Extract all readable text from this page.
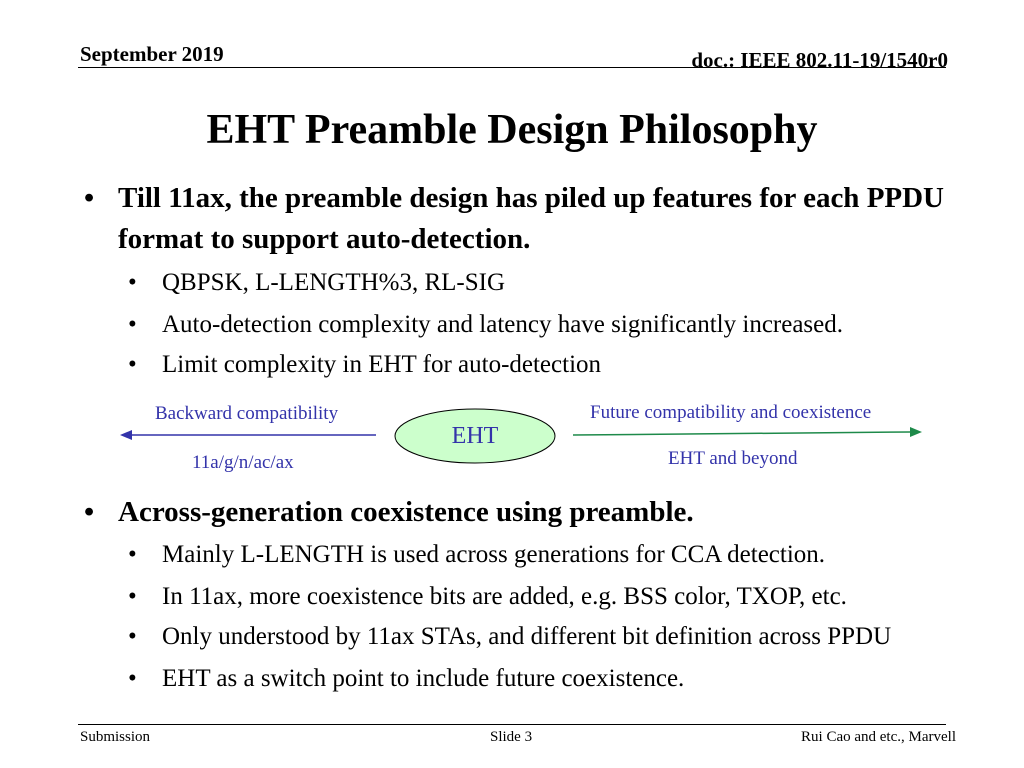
September 2019	doc.: IEEE 802.11-19/1540r0
EHT Preamble Design Philosophy
• Till 11ax, the preamble design has piled up features for each PPDU format to support auto-detection.
• QBPSK, L-LENGTH%3, RL-SIG
• Auto-detection complexity and latency have significantly increased.
• Limit complexity in EHT for auto-detection
Backward compatibility
11a/g/n/ac/ax
Future compatibility and coexistence
EHT and beyond
EHT
• Across-generation coexistence using preamble.
• Mainly L-LENGTH is used across generations for CCA detection.
• In 11ax, more coexistence bits are added, e.g. BSS color, TXOP, etc.
• Only understood by 11ax STAs, and different bit definition across PPDU
• EHT as a switch point to include future coexistence.
Submission	Slide 3	Rui Cao and etc., Marvell
